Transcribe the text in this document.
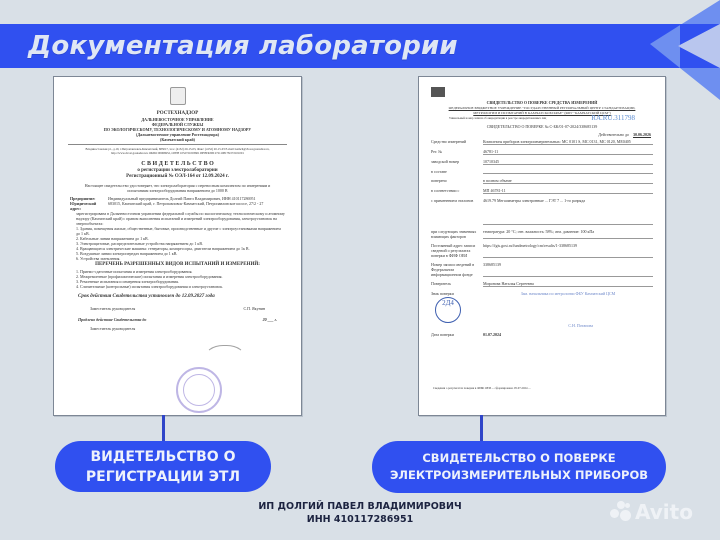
Документация лаборатории
РОСТЕХНАДЗОР
ДАЛЬНЕВОСТОЧНОЕ УПРАВЛЕНИЕ
ФЕДЕРАЛЬНОЙ СЛУЖБЫ
ПО ЭКОЛОГИЧЕСКОМУ, ТЕХНОЛОГИЧЕСКОМУ И АТОМНОМУ НАДЗОРУ
(Дальневосточное управление Ростехнадзора)
(Камчатский край)
Владивостокская ул., д.19, г.Петропавловск-Камчатский, 683017, тел.: (4152) 20-15-03, Факс: (4152) 20-15-03 E-mail: kamch@dvost.gosnadzor.ru, http://www.dvost.gosnadzor.ru ОКПО 00066952, ОГРН 1052721003601 ИНН/КПП 2721108178/272101001
С В И Д Е Т Е Л Ь С Т В О
о регистрации электролаборатории
Регистрационный № ОЭЛ-164 от 12.09.2024 г.
Настоящее свидетельство удостоверяет, что электролаборатория с переносным комплектом по измерениям и испытаниям электрооборудования напряжением до 1000 В
Предприятие:	Индивидуальный предприниматель Долгий Павел Владимирович, ИНН 410117286951
Юридический адрес:
683015, Камчатский край, г. Петропавловск-Камчатский, Петропавловское шоссе, 27/2 - 27
зарегистрирована в Дальневосточном управлении федеральной службы по экологическому, технологическому и атомному надзору (Камчатский край) с правом выполнения испытаний и измерений электрооборудования, электроустановок на энергообъектах:
1. Здания, помещения жилые, общественные, бытовые, производственные и другие с электроустановками напряжением до 1 кВ.
2. Кабельные линии напряжением до 1 кВ.
3. Электрощитовые, распределительные устройства напряжением до 1 кВ.
4. Вращающиеся электрические машины: генераторы, компрессоры, двигатели напряжением до 1к В.
5. Воздушные линии электропередач напряжением до 1 кВ.
6. Устройства заземления.
ПЕРЕЧЕНЬ РАЗРЕШЕННЫХ ВИДОВ ИСПЫТАНИЙ И ИЗМЕРЕНИЙ:
1. Приемо-сдаточные испытания и измерения электрооборудования.
2. Межремонтные (профилактические) испытания и измерения электрооборудования.
3. Ремонтные испытания и измерения электрооборудования.
4. Сличительные (контрольные) испытания электрооборудования и электроустановок.
Срок действия Свидетельства установлен до 12.09.2027 года
Заместитель руководителя	С.П. Якунин
Продлено действие Свидетельства до	20 ___ г.
Заместитель руководителя
СВИДЕТЕЛЬСТВО О ПОВЕРКЕ СРЕДСТВА ИЗМЕРЕНИЙ
ФЕДЕРАЛЬНОЕ БЮДЖЕТНОЕ УЧРЕЖДЕНИЕ "ГОСУДАРСТВЕННЫЙ РЕГИОНАЛЬНЫЙ ЦЕНТР СТАНДАРТИЗАЦИИ, МЕТРОЛОГИИ И ИСПЫТАНИЙ В КАМЧАТСКОМ КРАЕ" (ФБУ "КАМЧАТСКИЙ ЦСМ")
Уникальный номер записи об аккредитации в реестре аккредитованных лиц	RA.RU.311798
СВИДЕТЕЛЬСТВО О ПОВЕРКЕ № С-БК/01-07-2024/338685139
Действительно до 30.06.2026
Средство измерений	Комплекты приборов электроизмерительных: МС 0101 S, МС 0131, МС 0120, МЕ0405
Рег. №	46781-11
заводской номер	10710345
в составе
поверено	в полном объеме
в соответствии с	МП 46781-11
с применением эталонов	4619.79 Мегаомметры электронные ... ГЭТ 7 ... 1-го разряда
при следующих значениях влияющих факторов
температура: 20 °C; отн. влажность: 58%; атм. давление: 100 кПа
Постоянный адрес записи сведений о результатах поверки в ФИФ ОЕИ
https://fgis.gost.ru/fundmetrology/cm/results/1-338685139
Номер записи сведений в Федеральном информационном фонде
338685139
Поверитель	Миронова Наталья Сергеевна
Знак поверки
2Д4
Зам. начальника по метрологии ФБУ Камчатский ЦСМ
С.Н. Потапова
Дата поверки	01.07.2024
Сведения о результатах поверки в ФИФ ОЕИ ... сформировано 05.07.2024 ...
ВИДЕТЕЛЬСТВО О
РЕГИСТРАЦИИ ЭТЛ
СВИДЕТЕЛЬСТВО О ПОВЕРКЕ
ЭЛЕКТРОИЗМЕРИТЕЛЬНЫХ ПРИБОРОВ
ИП ДОЛГИЙ ПАВЕЛ ВЛАДИМИРОВИЧ
ИНН 410117286951	Avito
